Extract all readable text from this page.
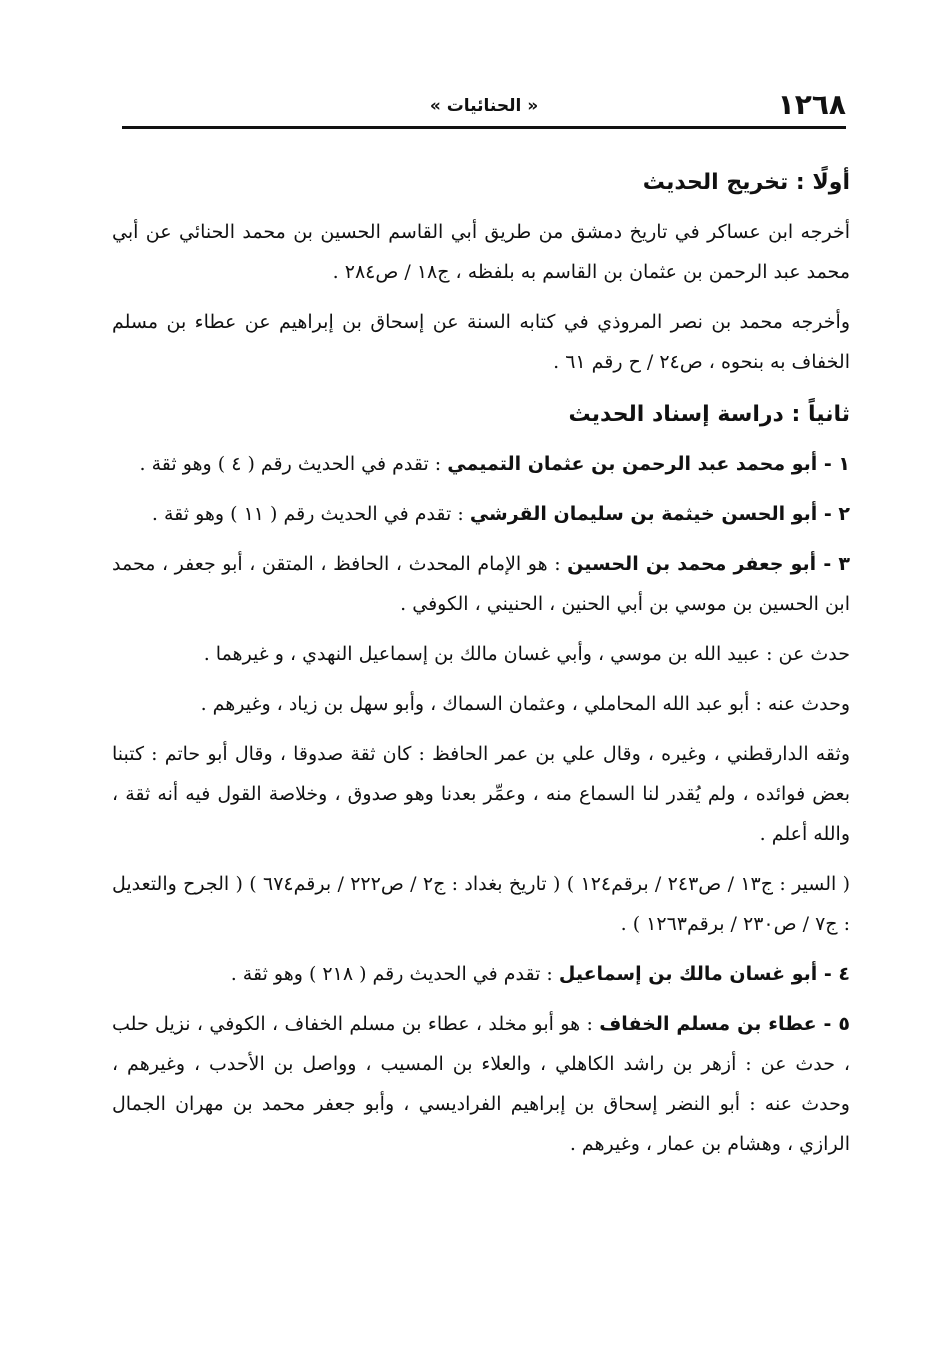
١٢٦٨
« الحنائيات »
أولًا : تخريج الحديث

أخرجه ابن عساكر في تاريخ دمشق من طريق أبي القاسم الحسين بن محمد الحنائي عن أبي محمد عبد الرحمن بن عثمان بن القاسم به بلفظه ، ج١٨ / ص٢٨٤ .

وأخرجه محمد بن نصر المروذي في كتابه السنة عن إسحاق بن إبراهيم عن عطاء بن مسلم الخفاف به بنحوه ، ص٢٤ / ح رقم ٦١ .

ثانياً : دراسة إسناد الحديث

١ - أبو محمد عبد الرحمن بن عثمان التميمي : تقدم في الحديث رقم ( ٤ ) وهو ثقة .

٢ - أبو الحسن خيثمة بن سليمان القرشي : تقدم في الحديث رقم ( ١١ ) وهو ثقة .

٣ - أبو جعفر محمد بن الحسين : هو الإمام المحدث ، الحافظ ، المتقن ، أبو جعفر ، محمد ابن الحسين بن موسي بن أبي الحنين ، الحنيني ، الكوفي .

حدث عن : عبيد الله بن موسي ، وأبي غسان مالك بن إسماعيل النهدي ، و غيرهما .

وحدث عنه : أبو عبد الله المحاملي ، وعثمان السماك ، وأبو سهل بن زياد ، وغيرهم .

وثقه الدارقطني ، وغيره ، وقال علي بن عمر الحافظ : كان ثقة صدوقا ، وقال أبو حاتم : كتبنا بعض فوائده ، ولم يُقدر لنا السماع منه ، وعمِّر بعدنا وهو صدوق ، وخلاصة القول فيه أنه ثقة ، والله أعلم .

( السير : ج١٣ / ص٢٤٣ / برقم١٢٤ ) ( تاريخ بغداد : ج٢ / ص٢٢٢ / برقم٦٧٤ ) ( الجرح والتعديل : ج٧ / ص٢٣٠ / برقم١٢٦٣ ) .

٤ - أبو غسان مالك بن إسماعيل : تقدم في الحديث رقم ( ٢١٨ ) وهو ثقة .

٥ - عطاء بن مسلم الخفاف : هو أبو مخلد ، عطاء بن مسلم الخفاف ، الكوفي ، نزيل حلب ، حدث عن : أزهر بن راشد الكاهلي ، والعلاء بن المسيب ، وواصل بن الأحدب ، وغيرهم ، وحدث عنه : أبو النضر إسحاق بن إبراهيم الفراديسي ، وأبو جعفر محمد بن مهران الجمال الرازي ، وهشام بن عمار ، وغيرهم .
